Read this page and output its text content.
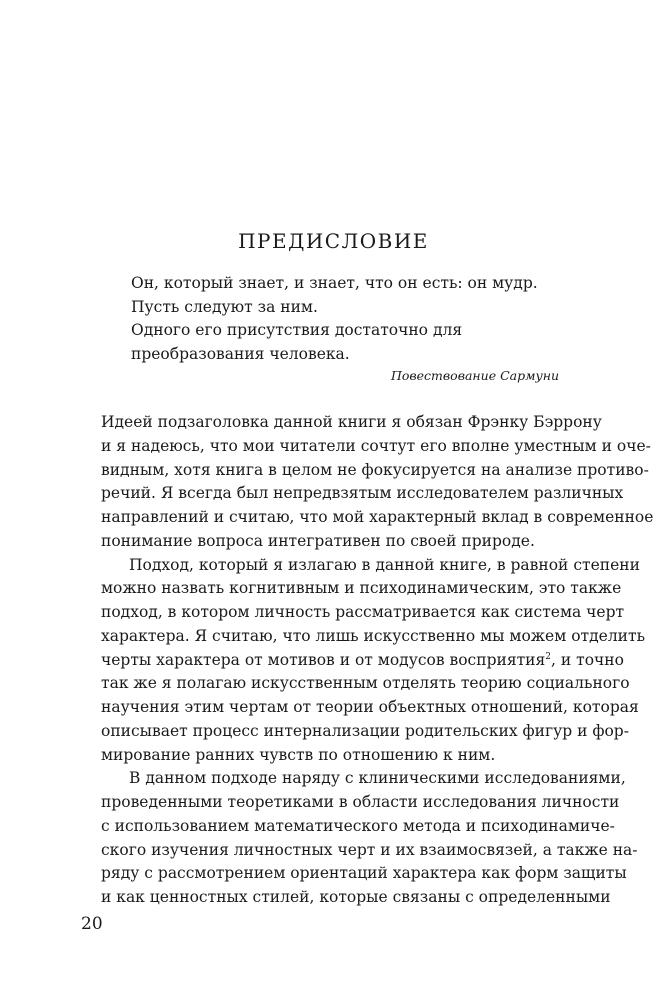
ПРЕДИСЛОВИЕ
Он, который знает, и знает, что он есть: он мудр.
Пусть следуют за ним.
Одного его присутствия достаточно для
преобразования человека.
Повествование Сармуни
Идеей подзаголовка данной книги я обязан Фрэнку Бэррону
и я надеюсь, что мои читатели сочтут его вполне уместным и оче-
видным, хотя книга в целом не фокусируется на анализе противо-
речий. Я всегда был непредвзятым исследователем различных
направлений и считаю, что мой характерный вклад в современное
понимание вопроса интегративен по своей природе.
Подход, который я излагаю в данной книге, в равной степени
можно назвать когнитивным и психодинамическим, это также
подход, в котором личность рассматривается как система черт
характера. Я считаю, что лишь искусственно мы можем отделить
черты характера от мотивов и от модусов восприятия$^2$, и точно
так же я полагаю искусственным отделять теорию социального
научения этим чертам от теории объектных отношений, которая
описывает процесс интернализации родительских фигур и фор-
мирование ранних чувств по отношению к ним.
В данном подходе наряду с клиническими исследованиями,
проведенными теоретиками в области исследования личности
с использованием математического метода и психодинамиче-
ского изучения личностных черт и их взаимосвязей, а также на-
ряду с рассмотрением ориентаций характера как форм защиты
и как ценностных стилей, которые связаны с определенными
20
